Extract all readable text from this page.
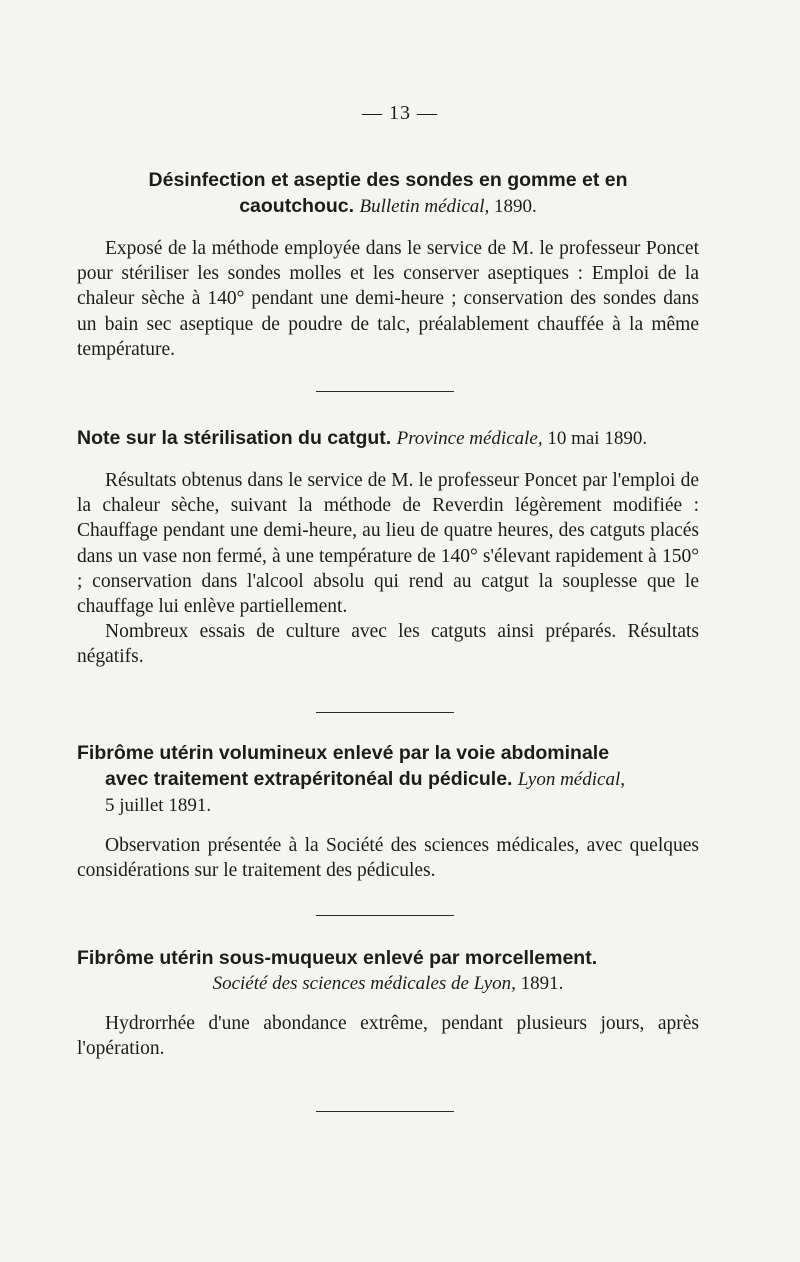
— 13 —

Désinfection et aseptie des sondes en gomme et en
caoutchouc. Bulletin médical, 1890.

Exposé de la méthode employée dans le service de M. le professeur Poncet pour stériliser les sondes molles et les conserver aseptiques : Emploi de la chaleur sèche à 140° pendant une demi-heure ; conservation des sondes dans un bain sec aseptique de poudre de talc, préalablement chauffée à la même température.

Note sur la stérilisation du catgut. Province médicale, 10 mai 1890.

Résultats obtenus dans le service de M. le professeur Poncet par l'emploi de la chaleur sèche, suivant la méthode de Reverdin légèrement modifiée : Chauffage pendant une demi-heure, au lieu de quatre heures, des catguts placés dans un vase non fermé, à une température de 140° s'élevant rapidement à 150° ; conservation dans l'alcool absolu qui rend au catgut la souplesse que le chauffage lui enlève partiellement.

Nombreux essais de culture avec les catguts ainsi préparés. Résultats négatifs.

Fibrôme utérin volumineux enlevé par la voie abdominale
avec traitement extrapéritonéal du pédicule. Lyon médical,
5 juillet 1891.

Observation présentée à la Société des sciences médicales, avec quelques considérations sur le traitement des pédicules.

Fibrôme utérin sous-muqueux enlevé par morcellement.
Société des sciences médicales de Lyon, 1891.

Hydrorrhée d'une abondance extrême, pendant plusieurs jours, après l'opération.
